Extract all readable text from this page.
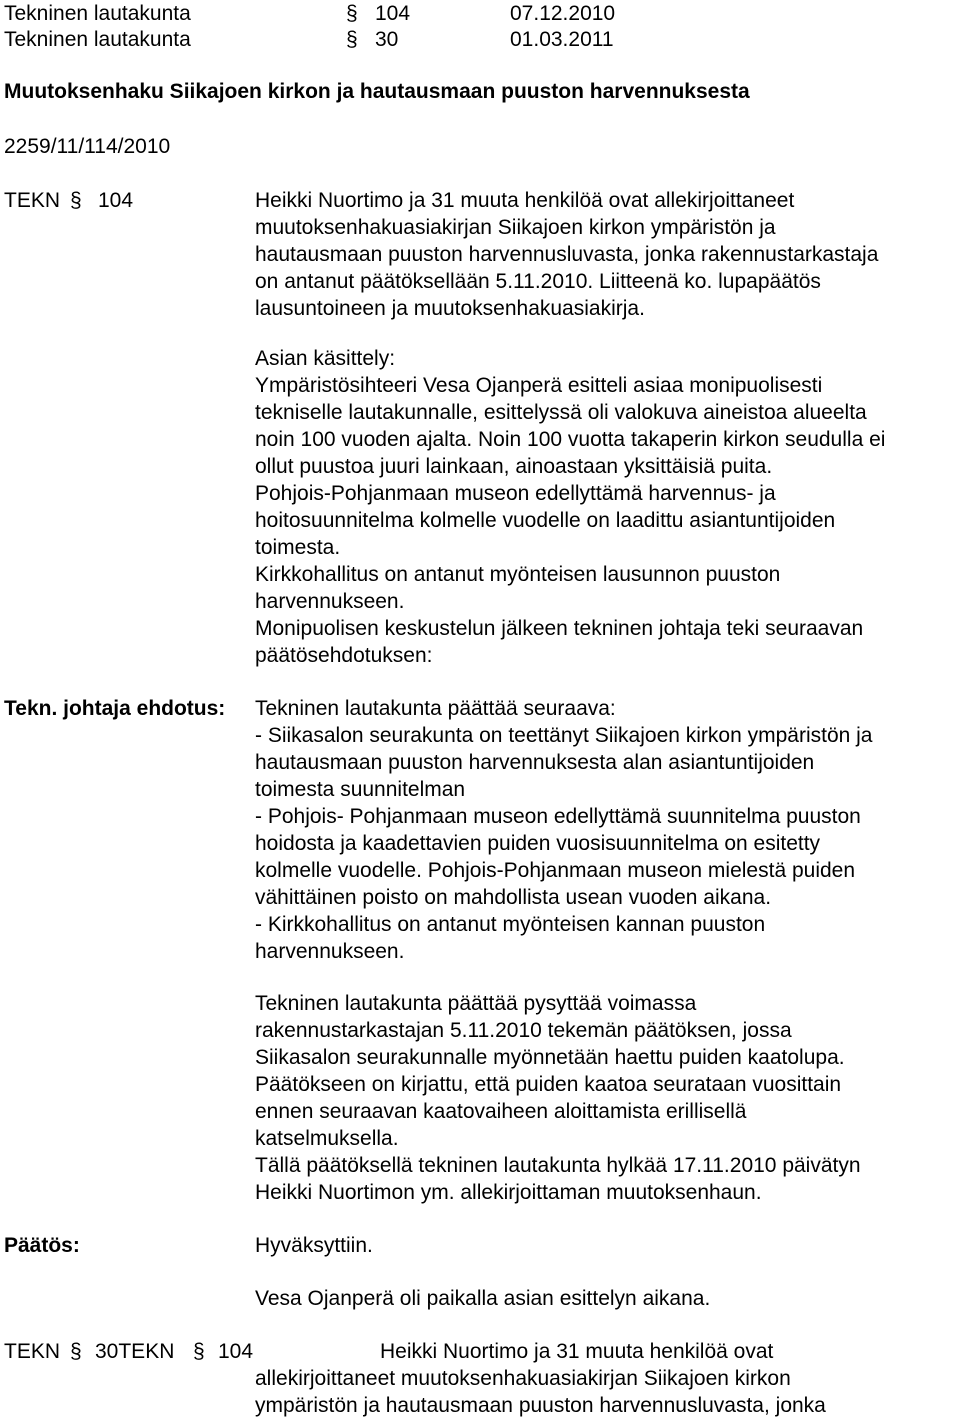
Tekninen lautakunta	§ 104	07.12.2010
Tekninen lautakunta	§ 30	01.03.2011
Muutoksenhaku Siikajoen kirkon ja hautausmaan puuston harvennuksesta
2259/11/114/2010
TEKN § 104	Heikki Nuortimo ja 31 muuta henkilöä ovat allekirjoittaneet
muutoksenhakuasiakirjan Siikajoen kirkon ympäristön ja
hautausmaan puuston harvennusluvasta, jonka rakennustarkastaja
on antanut päätöksellään 5.11.2010. Liitteenä ko. lupapäätös
lausuntoineen ja muutoksenhakuasiakirja.
Asian käsittely:
Ympäristösihteeri Vesa Ojanperä esitteli asiaa monipuolisesti
tekniselle lautakunnalle, esittelyssä oli valokuva aineistoa alueelta
noin 100 vuoden ajalta. Noin 100 vuotta takaperin kirkon seudulla ei
ollut puustoa juuri lainkaan, ainoastaan yksittäisiä puita.
Pohjois-Pohjanmaan museon edellyttämä harvennus- ja
hoitosuunnitelma kolmelle vuodelle on laadittu asiantuntijoiden
toimesta.
Kirkkohallitus on antanut myönteisen lausunnon puuston
harvennukseen.
Monipuolisen keskustelun jälkeen tekninen johtaja teki seuraavan
päätösehdotuksen:
Tekn. johtaja ehdotus: Tekninen lautakunta päättää seuraava:
- Siikasalon seurakunta on teettänyt Siikajoen kirkon ympäristön ja
hautausmaan puuston harvennuksesta alan asiantuntijoiden
toimesta suunnitelman
- Pohjois- Pohjanmaan museon edellyttämä suunnitelma puuston
hoidosta ja kaadettavien puiden vuosisuunnitelma on esitetty
kolmelle vuodelle. Pohjois-Pohjanmaan museon mielestä puiden
vähittäinen poisto on mahdollista usean vuoden aikana.
- Kirkkohallitus on antanut myönteisen kannan puuston
harvennukseen.
Tekninen lautakunta päättää pysyttää voimassa
rakennustarkastajan 5.11.2010 tekemän päätöksen, jossa
Siikasalon seurakunnalle myönnetään haettu puiden kaatolupa.
Päätökseen on kirjattu, että puiden kaatoa seurataan vuosittain
ennen seuraavan kaatovaiheen aloittamista erillisellä
katselmuksella.
Tällä päätöksellä tekninen lautakunta hylkää 17.11.2010 päivätyn
Heikki Nuortimon ym. allekirjoittaman muutoksenhaun.
Päätös:	Hyväksyttiin.
Vesa Ojanperä oli paikalla asian esittelyn aikana.
TEKN § 30TEKN § 104	Heikki Nuortimo ja 31 muuta henkilöä ovat
allekirjoittaneet muutoksenhakuasiakirjan Siikajoen kirkon
ympäristön ja hautausmaan puuston harvennusluvasta, jonka
